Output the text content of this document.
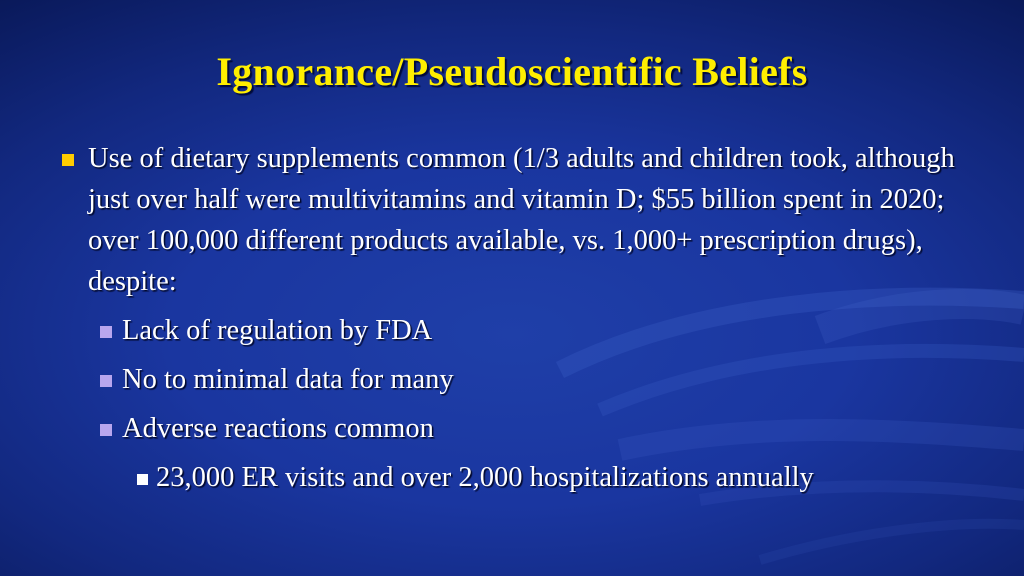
Ignorance/Pseudoscientific Beliefs
Use of dietary supplements common (1/3 adults and children took, although just over half were multivitamins and vitamin D; $55 billion spent in 2020; over 100,000 different products available, vs. 1,000+ prescription drugs), despite:
Lack of regulation by FDA
No to minimal data for many
Adverse reactions common
23,000 ER visits and over 2,000 hospitalizations annually
